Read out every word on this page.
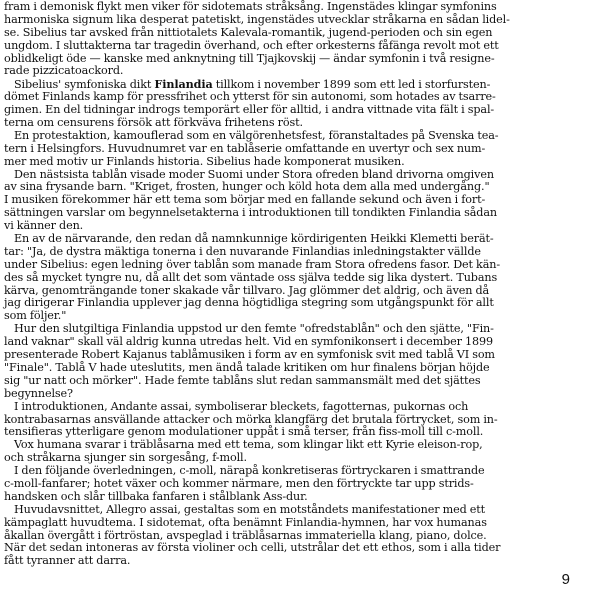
fram i demonisk flykt men viker för sidotemats stråksång. Ingenstädes klingar symfonins
harmoniska signum lika desperat patetiskt, ingenstädes utvecklar stråkarna en sådan lidel-
se. Sibelius tar avsked från nittiotalets Kalevala-romantik, jugend-perioden och sin egen
ungdom. I sluttakterna tar tragedin överhand, och efter orkesterns fåfänga revolt mot ett
oblidkeligt öde — kanske med anknytning till Tjajkovskij — ändar symfonin i två resigne-
rade pizzicatoackord.
Sibelius' symfoniska dikt Finlandia tillkom i november 1899 som ett led i storfursten-
dömet Finlands kamp för pressfrihet och ytterst för sin autonomi, som hotades av tsarre-
gimen. En del tidningar indrogs temporärt eller för alltid, i andra vittnade vita fält i spal-
terna om censurens försök att förkväva frihetens röst.
En protestaktion, kamouflerad som en välgörenhetsfest, föranstaltades på Svenska tea-
tern i Helsingfors. Huvudnumret var en tablåserie omfattande en uvertyr och sex num-
mer med motiv ur Finlands historia. Sibelius hade komponerat musiken.
Den nästsista tablån visade moder Suomi under Stora ofreden bland drivorna omgiven
av sina frysande barn. "Kriget, frosten, hunger och köld hota dem alla med undergång."
I musiken förekommer här ett tema som börjar med en fallande sekund och även i fort-
sättningen varslar om begynnelsetakterna i introduktionen till tondikten Finlandia sådan
vi känner den.
En av de närvarande, den redan då namnkunnige kördirigenten Heikki Klemetti berät-
tar: "Ja, de dystra mäktiga tonerna i den nuvarande Finlandias inledningstakter vällde
under Sibelius: egen ledning över tablån som manade fram Stora ofredens fasor. Det kän-
des så mycket tyngre nu, då allt det som väntade oss själva tedde sig lika dystert. Tubans
kärva, genomträngande toner skakade vår tillvaro. Jag glömmer det aldrig, och även då
jag dirigerar Finlandia upplever jag denna högtidliga stegring som utgångspunkt för allt
som följer."
Hur den slutgiltiga Finlandia uppstod ur den femte "ofredstablån" och den sjätte, "Fin-
land vaknar" skall väl aldrig kunna utredas helt. Vid en symfonikonsert i december 1899
presenterade Robert Kajanus tablåmusiken i form av en symfonisk svit med tablå VI som
"Finale". Tablå V hade uteslutits, men ändå talade kritiken om hur finalens början höjde
sig "ur natt och mörker". Hade femte tablåns slut redan sammansmält med det sjättes
begynnelse?
I introduktionen, Andante assai, symboliserar bleckets, fagotternas, pukornas och
kontrabasarnas ansvällande attacker och mörka klangfärg det brutala förtrycket, som in-
tensifieras ytterligare genom modulationer uppåt i små terser, från fiss-moll till c-moll.
Vox humana svarar i träblåsarna med ett tema, som klingar likt ett Kyrie eleison-rop,
och stråkarna sjunger sin sorgesång, f-moll.
I den följande överledningen, c-moll, närapå konkretiseras förtryckaren i smattrande
c-moll-fanfarer; hotet växer och kommer närmare, men den förtryckte tar upp strids-
handsken och slår tillbaka fanfaren i stålblank Ass-dur.
Huvudavsnittet, Allegro assai, gestaltas som en motståndets manifestationer med ett
kämpaglatt huvudtema. I sidotemat, ofta benämnt Finlandia-hymnen, har vox humanas
åkallan övergått i förtröstan, avspeglad i träblåsarnas immateriella klang, piano, dolce.
När det sedan intoneras av första violiner och celli, utstrålar det ett ethos, som i alla tider
fått tyranner att darra.
9
